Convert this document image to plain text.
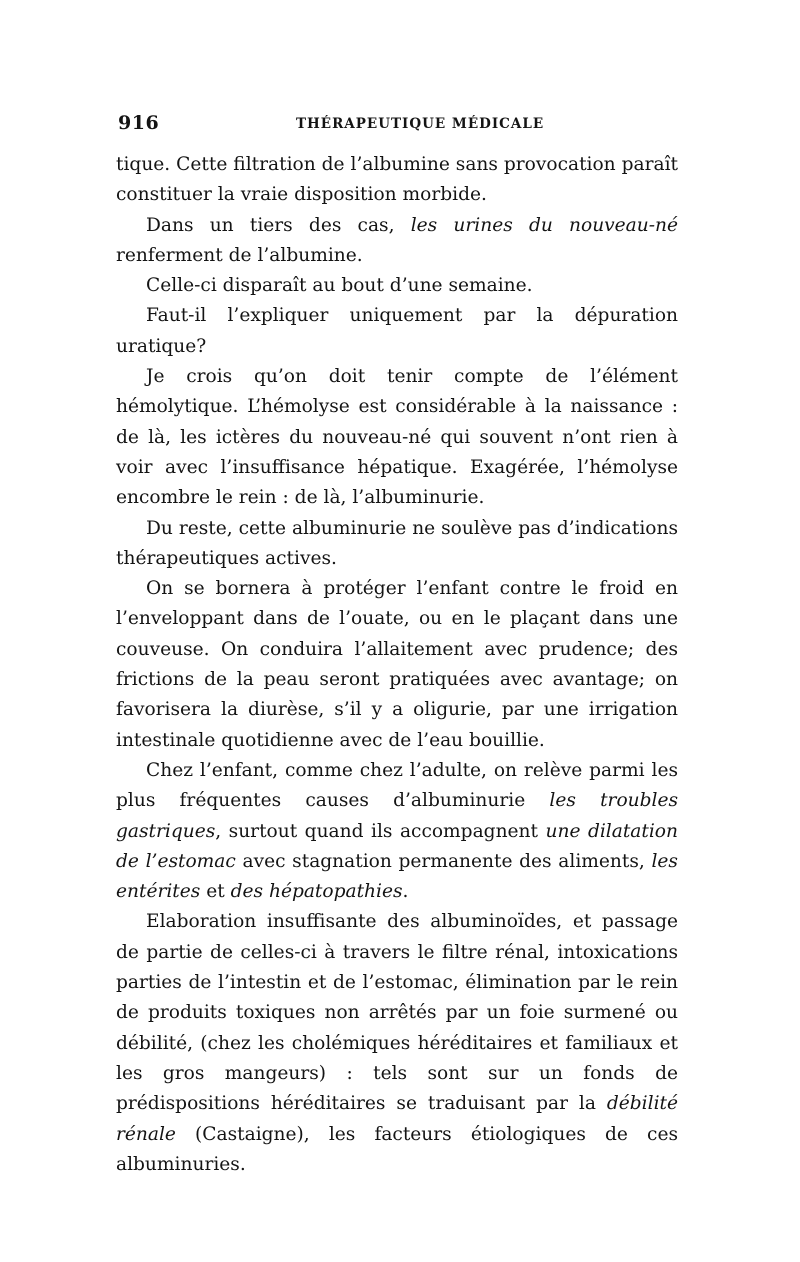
916	THÉRAPEUTIQUE MÉDICALE

tique. Cette filtration de l’albumine sans provocation paraît constituer la vraie disposition morbide.

Dans un tiers des cas, les urines du nouveau-né renferment de l’albumine.

Celle-ci disparaît au bout d’une semaine.

Faut-il l’expliquer uniquement par la dépuration uratique?

Je crois qu’on doit tenir compte de l’élément hémolytique. L’hémolyse est considérable à la naissance : de là, les ictères du nouveau-né qui souvent n’ont rien à voir avec l’insuffisance hépatique. Exagérée, l’hémolyse encombre le rein : de là, l’albuminurie.

Du reste, cette albuminurie ne soulève pas d’indications thérapeutiques actives.

On se bornera à protéger l’enfant contre le froid en l’enveloppant dans de l’ouate, ou en le plaçant dans une couveuse. On conduira l’allaitement avec prudence; des frictions de la peau seront pratiquées avec avantage; on favorisera la diurèse, s’il y a oligurie, par une irrigation intestinale quotidienne avec de l’eau bouillie.

Chez l’enfant, comme chez l’adulte, on relève parmi les plus fréquentes causes d’albuminurie les troubles gastriques, surtout quand ils accompagnent une dilatation de l’estomac avec stagnation permanente des aliments, les entérites et des hépatopathies.

Elaboration insuffisante des albuminoïdes, et passage de partie de celles-ci à travers le filtre rénal, intoxications parties de l’intestin et de l’estomac, élimination par le rein de produits toxiques non arrêtés par un foie surmené ou débilité, (chez les cholémiques héréditaires et familiaux et les gros mangeurs) : tels sont sur un fonds de prédispositions héréditaires se traduisant par la débilité rénale (Castaigne), les facteurs étiologiques de ces albuminuries.
